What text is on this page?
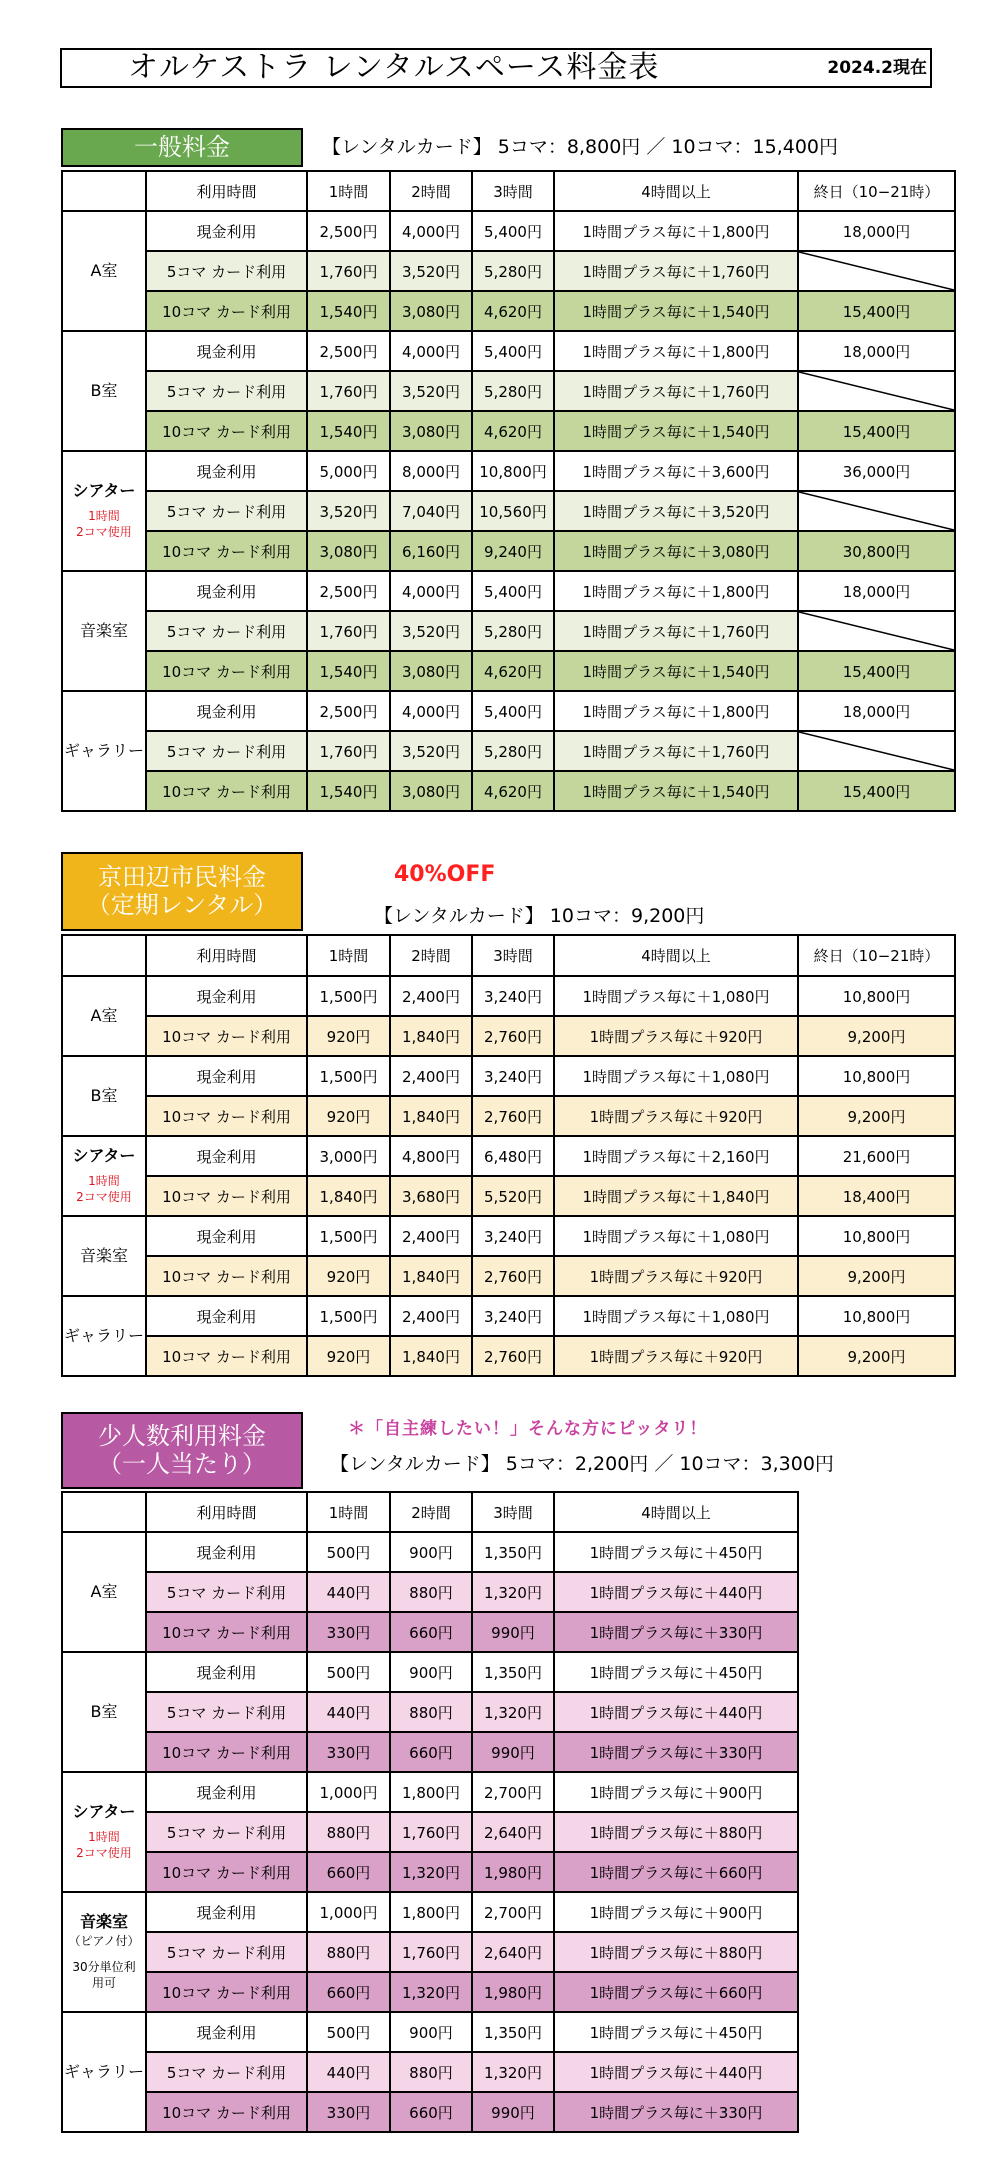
オルケストラ レンタルスペース料金表	2024.2現在
一般料金	【レンタルカード】 5コマ：8,800円 ／ 10コマ：15,400円
	利用時間	1時間	2時間	3時間	4時間以上	終日（10−21時）
A室	現金利用	2,500円	4,000円	5,400円	1時間プラス毎に＋1,800円	18,000円
	5コマ カード利用	1,760円	3,520円	5,280円	1時間プラス毎に＋1,760円	
	10コマ カード利用	1,540円	3,080円	4,620円	1時間プラス毎に＋1,540円	15,400円
B室	現金利用	2,500円	4,000円	5,400円	1時間プラス毎に＋1,800円	18,000円
	5コマ カード利用	1,760円	3,520円	5,280円	1時間プラス毎に＋1,760円	
	10コマ カード利用	1,540円	3,080円	4,620円	1時間プラス毎に＋1,540円	15,400円
シアター
1時間
2コマ使用	現金利用	5,000円	8,000円	10,800円	1時間プラス毎に＋3,600円	36,000円
	5コマ カード利用	3,520円	7,040円	10,560円	1時間プラス毎に＋3,520円	
	10コマ カード利用	3,080円	6,160円	9,240円	1時間プラス毎に＋3,080円	30,800円
音楽室	現金利用	2,500円	4,000円	5,400円	1時間プラス毎に＋1,800円	18,000円
	5コマ カード利用	1,760円	3,520円	5,280円	1時間プラス毎に＋1,760円	
	10コマ カード利用	1,540円	3,080円	4,620円	1時間プラス毎に＋1,540円	15,400円
ギャラリー	現金利用	2,500円	4,000円	5,400円	1時間プラス毎に＋1,800円	18,000円
	5コマ カード利用	1,760円	3,520円	5,280円	1時間プラス毎に＋1,760円	
	10コマ カード利用	1,540円	3,080円	4,620円	1時間プラス毎に＋1,540円	15,400円
京田辺市民料金
（定期レンタル）
40%OFF
【レンタルカード】 10コマ：9,200円
	利用時間	1時間	2時間	3時間	4時間以上	終日（10−21時）
A室	現金利用	1,500円	2,400円	3,240円	1時間プラス毎に＋1,080円	10,800円
	10コマ カード利用	920円	1,840円	2,760円	1時間プラス毎に＋920円	9,200円
B室	現金利用	1,500円	2,400円	3,240円	1時間プラス毎に＋1,080円	10,800円
	10コマ カード利用	920円	1,840円	2,760円	1時間プラス毎に＋920円	9,200円
シアター
1時間
2コマ使用	現金利用	3,000円	4,800円	6,480円	1時間プラス毎に＋2,160円	21,600円
	10コマ カード利用	1,840円	3,680円	5,520円	1時間プラス毎に＋1,840円	18,400円
音楽室	現金利用	1,500円	2,400円	3,240円	1時間プラス毎に＋1,080円	10,800円
	10コマ カード利用	920円	1,840円	2,760円	1時間プラス毎に＋920円	9,200円
ギャラリー	現金利用	1,500円	2,400円	3,240円	1時間プラス毎に＋1,080円	10,800円
	10コマ カード利用	920円	1,840円	2,760円	1時間プラス毎に＋920円	9,200円
少人数利用料金
（一人当たり）
＊「自主練したい！」そんな方にピッタリ！
【レンタルカード】 5コマ：2,200円 ／ 10コマ：3,300円
	利用時間	1時間	2時間	3時間	4時間以上
A室	現金利用	500円	900円	1,350円	1時間プラス毎に＋450円
	5コマ カード利用	440円	880円	1,320円	1時間プラス毎に＋440円
	10コマ カード利用	330円	660円	990円	1時間プラス毎に＋330円
B室	現金利用	500円	900円	1,350円	1時間プラス毎に＋450円
	5コマ カード利用	440円	880円	1,320円	1時間プラス毎に＋440円
	10コマ カード利用	330円	660円	990円	1時間プラス毎に＋330円
シアター
1時間
2コマ使用	現金利用	1,000円	1,800円	2,700円	1時間プラス毎に＋900円
	5コマ カード利用	880円	1,760円	2,640円	1時間プラス毎に＋880円
	10コマ カード利用	660円	1,320円	1,980円	1時間プラス毎に＋660円
音楽室
（ピアノ付）
30分単位利
用可	現金利用	1,000円	1,800円	2,700円	1時間プラス毎に＋900円
	5コマ カード利用	880円	1,760円	2,640円	1時間プラス毎に＋880円
	10コマ カード利用	660円	1,320円	1,980円	1時間プラス毎に＋660円
ギャラリー	現金利用	500円	900円	1,350円	1時間プラス毎に＋450円
	5コマ カード利用	440円	880円	1,320円	1時間プラス毎に＋440円
	10コマ カード利用	330円	660円	990円	1時間プラス毎に＋330円
